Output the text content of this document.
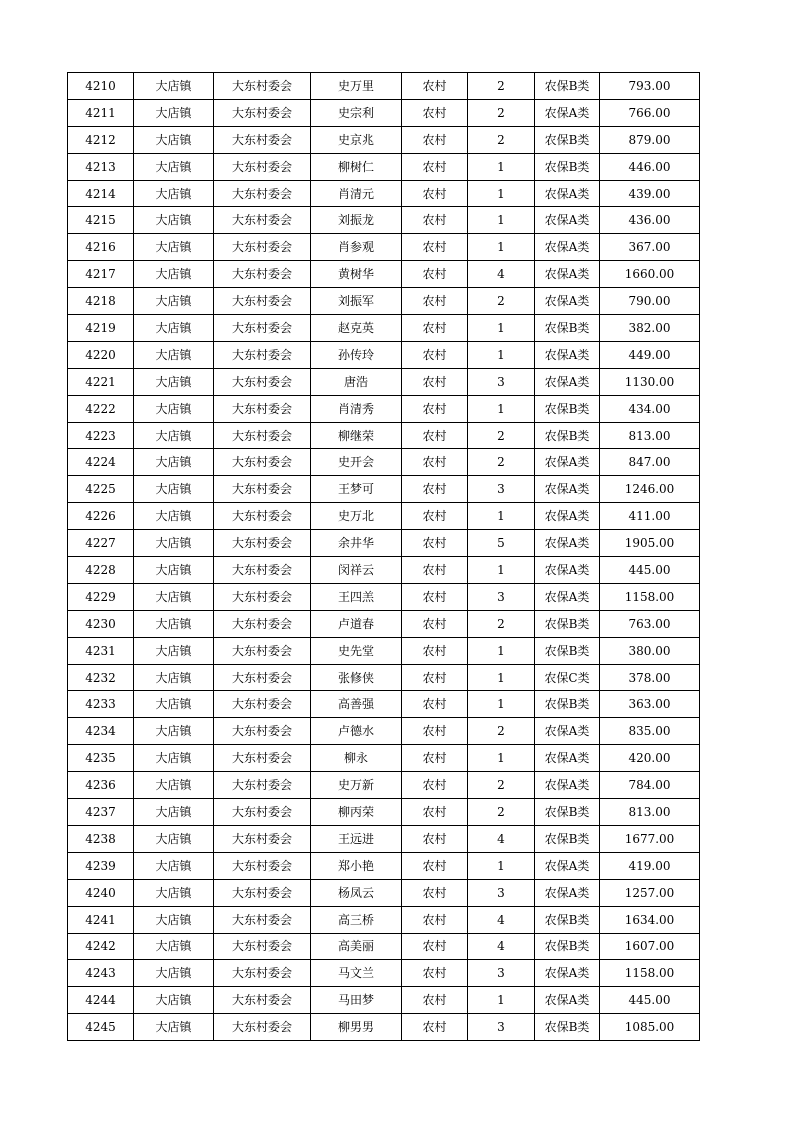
4210	大店镇	大东村委会	史万里	农村	2	农保B类	793.00
4211	大店镇	大东村委会	史宗利	农村	2	农保A类	766.00
4212	大店镇	大东村委会	史京兆	农村	2	农保B类	879.00
4213	大店镇	大东村委会	柳树仁	农村	1	农保B类	446.00
4214	大店镇	大东村委会	肖清元	农村	1	农保A类	439.00
4215	大店镇	大东村委会	刘振龙	农村	1	农保A类	436.00
4216	大店镇	大东村委会	肖参观	农村	1	农保A类	367.00
4217	大店镇	大东村委会	黄树华	农村	4	农保A类	1660.00
4218	大店镇	大东村委会	刘振军	农村	2	农保A类	790.00
4219	大店镇	大东村委会	赵克英	农村	1	农保B类	382.00
4220	大店镇	大东村委会	孙传玲	农村	1	农保A类	449.00
4221	大店镇	大东村委会	唐浩	农村	3	农保A类	1130.00
4222	大店镇	大东村委会	肖清秀	农村	1	农保B类	434.00
4223	大店镇	大东村委会	柳继荣	农村	2	农保B类	813.00
4224	大店镇	大东村委会	史开会	农村	2	农保A类	847.00
4225	大店镇	大东村委会	王梦可	农村	3	农保A类	1246.00
4226	大店镇	大东村委会	史万北	农村	1	农保A类	411.00
4227	大店镇	大东村委会	余井华	农村	5	农保A类	1905.00
4228	大店镇	大东村委会	闵祥云	农村	1	农保A类	445.00
4229	大店镇	大东村委会	王四羔	农村	3	农保A类	1158.00
4230	大店镇	大东村委会	卢道春	农村	2	农保B类	763.00
4231	大店镇	大东村委会	史先堂	农村	1	农保B类	380.00
4232	大店镇	大东村委会	张修侠	农村	1	农保C类	378.00
4233	大店镇	大东村委会	高善强	农村	1	农保B类	363.00
4234	大店镇	大东村委会	卢德水	农村	2	农保A类	835.00
4235	大店镇	大东村委会	柳永	农村	1	农保A类	420.00
4236	大店镇	大东村委会	史万新	农村	2	农保A类	784.00
4237	大店镇	大东村委会	柳丙荣	农村	2	农保B类	813.00
4238	大店镇	大东村委会	王远进	农村	4	农保B类	1677.00
4239	大店镇	大东村委会	郑小艳	农村	1	农保A类	419.00
4240	大店镇	大东村委会	杨凤云	农村	3	农保A类	1257.00
4241	大店镇	大东村委会	高三桥	农村	4	农保B类	1634.00
4242	大店镇	大东村委会	高美丽	农村	4	农保B类	1607.00
4243	大店镇	大东村委会	马文兰	农村	3	农保A类	1158.00
4244	大店镇	大东村委会	马田梦	农村	1	农保A类	445.00
4245	大店镇	大东村委会	柳男男	农村	3	农保B类	1085.00
